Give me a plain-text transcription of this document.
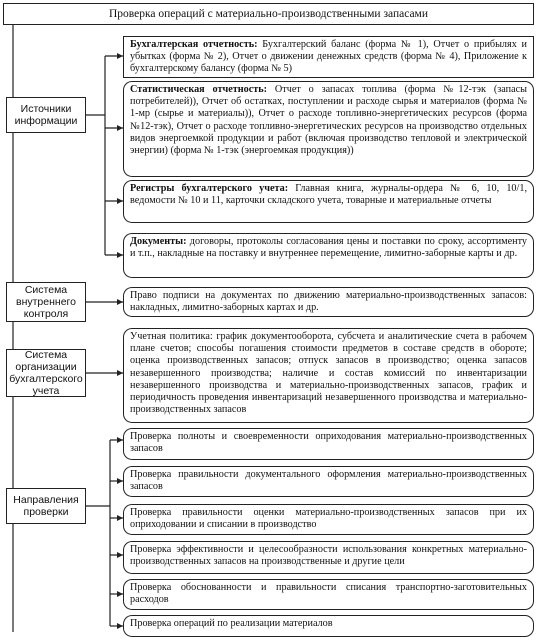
Проверка операций с материально-производственными запасами
Источники информации
Система внутреннего контроля
Система организации бухгалтерского учета
Направления проверки
Бухгалтерская отчетность: Бухгалтерский баланс (форма № 1), Отчет о прибылях и убытках (форма № 2), Отчет о движении денежных средств (форма № 4), Приложение к бухгалтерскому балансу (форма № 5)
Статистическая отчетность: Отчет о запасах топлива (форма №12-тэк (запасы потребителей)), Отчет об остатках, поступлении и расходе сырья и материалов (форма № 1-мр (сырье и материалы)), Отчет о расходе топливно-энергетических ресурсов (форма №12-тэк), Отчет о расходе топливно-энергетических ресурсов на производство отдельных видов энергоемкой продукции и работ (включая производство тепловой и электрической энергии) (форма № 1-тэк (энергоемкая продукция))
Регистры бухгалтерского учета: Главная книга, журналы-ордера № 6, 10, 10/1, ведомости № 10 и 11, карточки складского учета, товарные и материальные отчеты
Документы: договоры, протоколы согласования цены и поставки по сроку, ассортименту и т.п., накладные на поставку и внутреннее перемещение, лимитно-заборные карты и др.
Право подписи на документах по движению материально-производственных запасов: накладных, лимитно-заборных картах и др.
Учетная политика: график документооборота, субсчета и аналитические счета в рабочем плане счетов; способы погашения стоимости предметов в составе средств в обороте; оценка производственных запасов; отпуск запасов в производство; оценка запасов незавершенного производства; наличие и состав комиссий по инвентаризации незавершенного производства и материально-производственных запасов, график и периодичность проведения инвентаризаций незавершенного производства и материально-производственных запасов
Проверка полноты и своевременности оприходования материально-производственных запасов
Проверка правильности документального оформления материально-производственных запасов
Проверка правильности оценки материально-производственных запасов при их оприходовании и списании в производство
Проверка эффективности и целесообразности использования конкретных материально-производственных запасов на производственные и другие цели
Проверка обоснованности и правильности списания транспортно-заготовительных расходов
Проверка операций по реализации материалов
